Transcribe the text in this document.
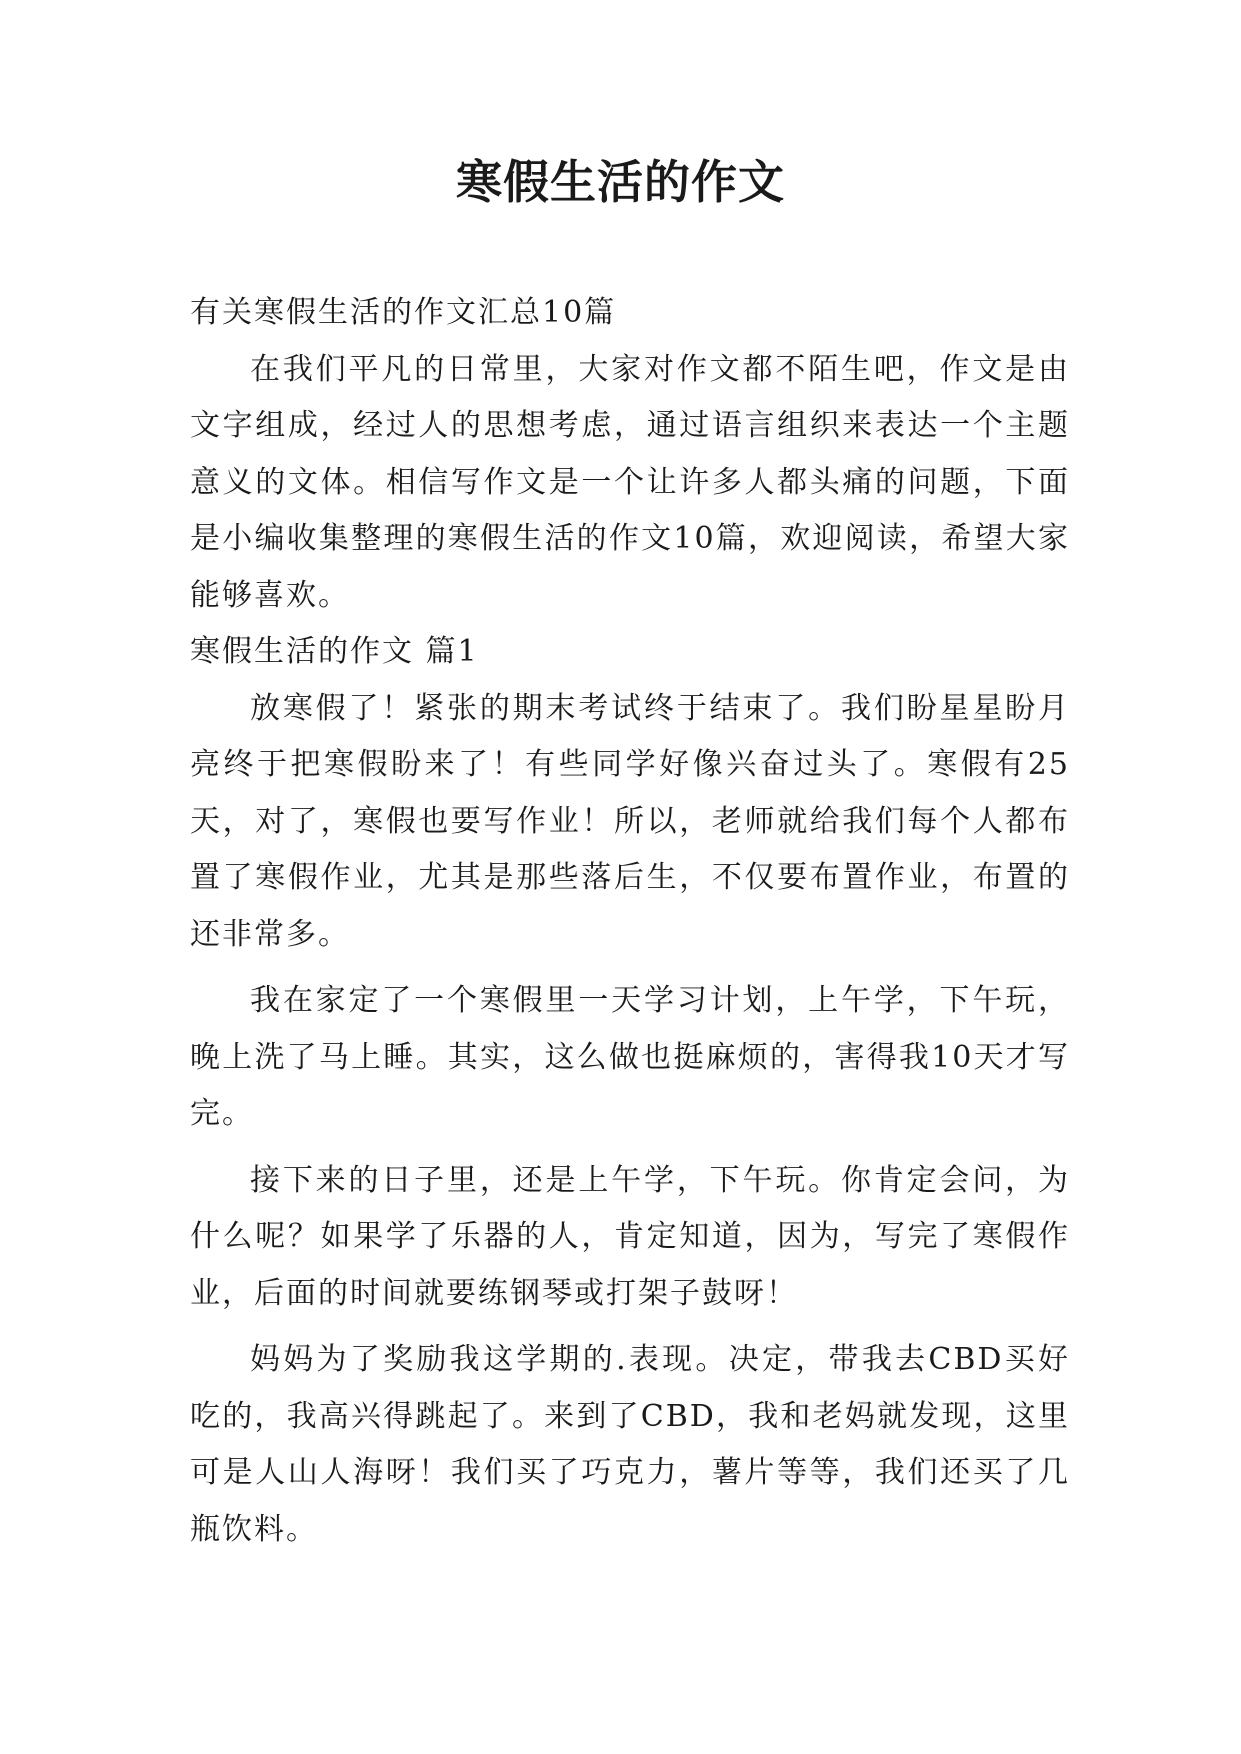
寒假生活的作文

有关寒假生活的作文汇总10篇

在我们平凡的日常里，大家对作文都不陌生吧，作文是由文字组成，经过人的思想考虑，通过语言组织来表达一个主题意义的文体。相信写作文是一个让许多人都头痛的问题，下面是小编收集整理的寒假生活的作文10篇，欢迎阅读，希望大家能够喜欢。

寒假生活的作文 篇1

放寒假了！紧张的期末考试终于结束了。我们盼星星盼月亮终于把寒假盼来了！有些同学好像兴奋过头了。寒假有25天，对了，寒假也要写作业！所以，老师就给我们每个人都布置了寒假作业，尤其是那些落后生，不仅要布置作业，布置的还非常多。

我在家定了一个寒假里一天学习计划，上午学，下午玩，晚上洗了马上睡。其实，这么做也挺麻烦的，害得我10天才写完。

接下来的日子里，还是上午学，下午玩。你肯定会问，为什么呢？如果学了乐器的人，肯定知道，因为，写完了寒假作业，后面的时间就要练钢琴或打架子鼓呀！

妈妈为了奖励我这学期的.表现。决定，带我去CBD买好吃的，我高兴得跳起了。来到了CBD，我和老妈就发现，这里可是人山人海呀！我们买了巧克力，薯片等等，我们还买了几瓶饮料。
